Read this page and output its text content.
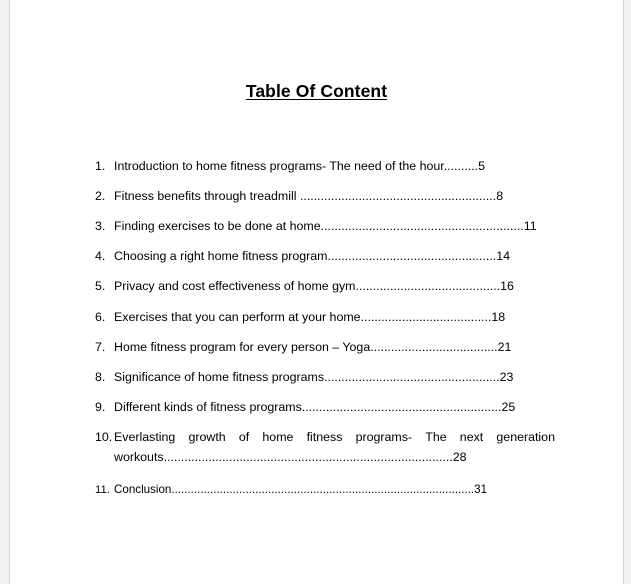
Table Of Content
1. Introduction to home fitness programs- The need of the hour..........5
2. Fitness benefits through treadmill .........................................................8
3. Finding exercises to be done at home...........................................................11
4. Choosing a right home fitness program.................................................14
5. Privacy and cost effectiveness of home gym..........................................16
6. Exercises that you can perform at your home......................................18
7. Home fitness program for every person – Yoga.....................................21
8. Significance of home fitness programs...................................................23
9. Different kinds of fitness programs..........................................................25
10. Everlasting growth of home fitness programs- The next generation
workouts....................................................................................28
11. Conclusion..............................................................................................31
